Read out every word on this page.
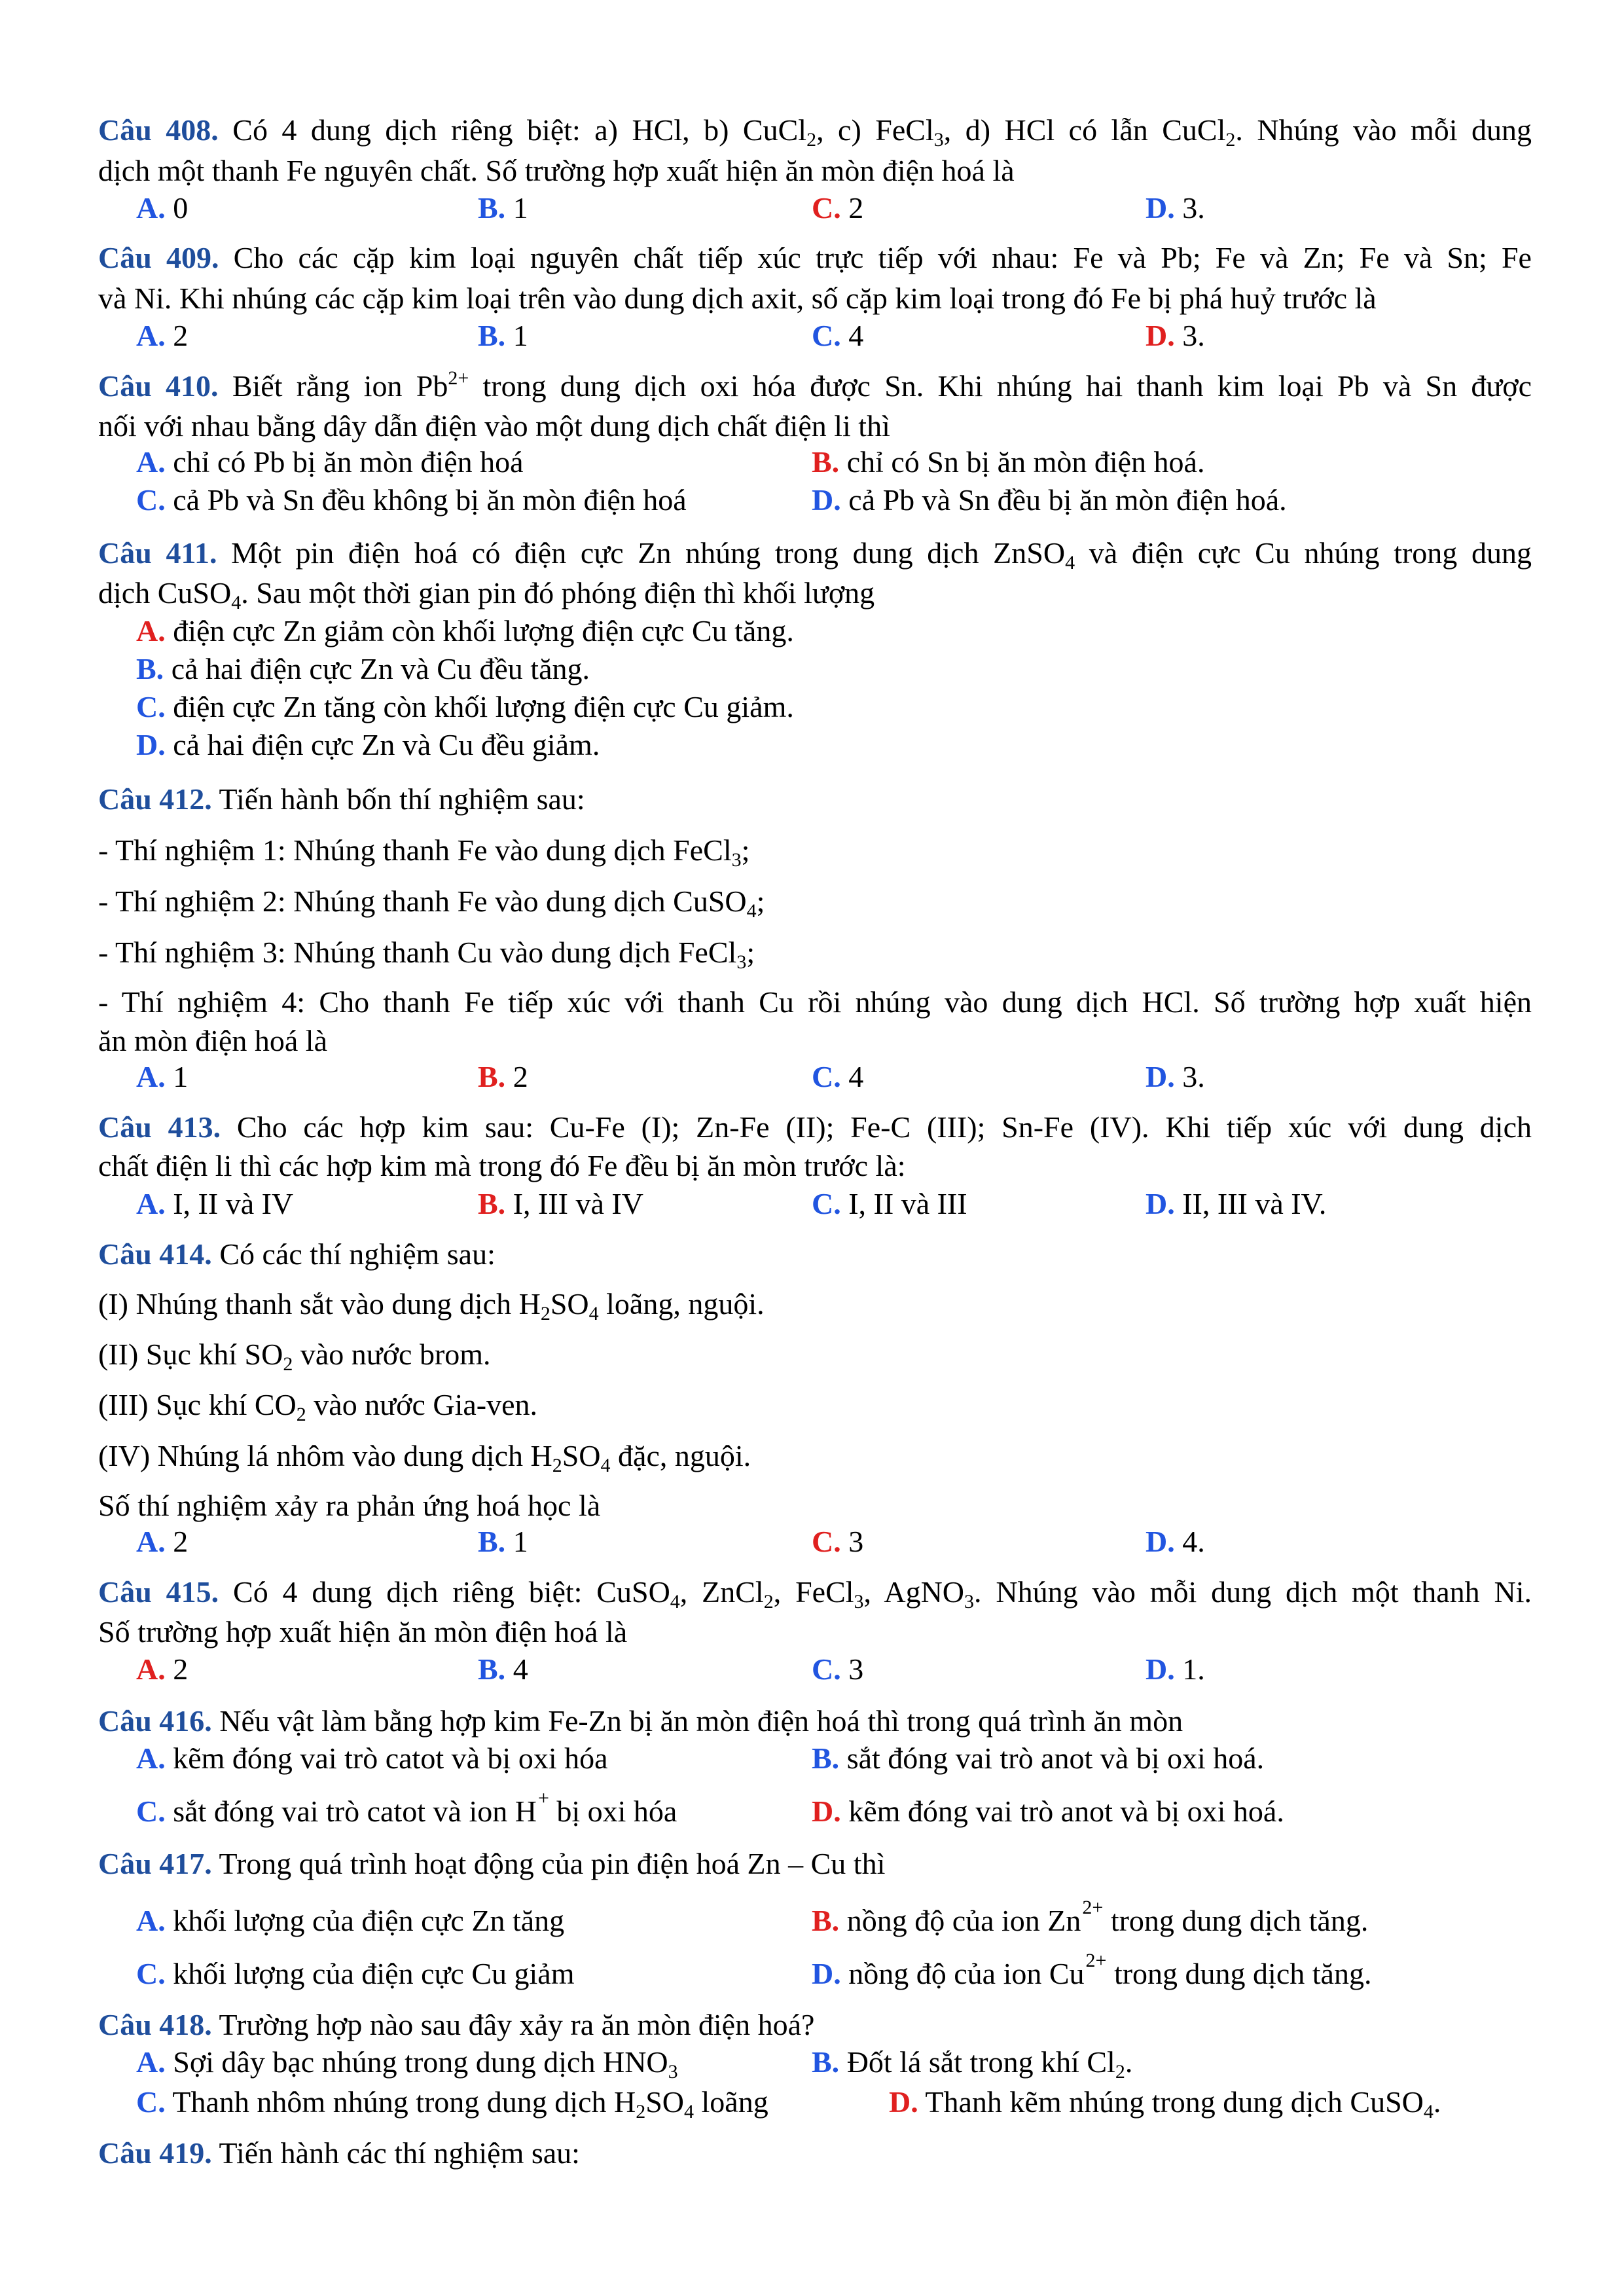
Câu 408. Có 4 dung dịch riêng biệt: a) HCl, b) CuCl$_2$, c) FeCl$_3$, d) HCl có lẫn CuCl$_2$. Nhúng vào mỗi dung
dịch một thanh Fe nguyên chất. Số trường hợp xuất hiện ăn mòn điện hoá là
A. 0	B. 1	C. 2	D. 3.
Câu 409. Cho các cặp kim loại nguyên chất tiếp xúc trực tiếp với nhau: Fe và Pb; Fe và Zn; Fe và Sn; Fe
và Ni. Khi nhúng các cặp kim loại trên vào dung dịch axit, số cặp kim loại trong đó Fe bị phá huỷ trước là
A. 2	B. 1	C. 4	D. 3.
Câu 410. Biết rằng ion $Pb^{2+}$ trong dung dịch oxi hóa được Sn. Khi nhúng hai thanh kim loại Pb và Sn được
nối với nhau bằng dây dẫn điện vào một dung dịch chất điện li thì
A. chỉ có Pb bị ăn mòn điện hoá	B. chỉ có Sn bị ăn mòn điện hoá.
C. cả Pb và Sn đều không bị ăn mòn điện hoá	D. cả Pb và Sn đều bị ăn mòn điện hoá.
Câu 411. Một pin điện hoá có điện cực Zn nhúng trong dung dịch ZnSO$_4$ và điện cực Cu nhúng trong dung
dịch CuSO$_4$. Sau một thời gian pin đó phóng điện thì khối lượng
A. điện cực Zn giảm còn khối lượng điện cực Cu tăng.
B. cả hai điện cực Zn và Cu đều tăng.
C. điện cực Zn tăng còn khối lượng điện cực Cu giảm.
D. cả hai điện cực Zn và Cu đều giảm.
Câu 412. Tiến hành bốn thí nghiệm sau:
- Thí nghiệm 1: Nhúng thanh Fe vào dung dịch FeCl$_3$;
- Thí nghiệm 2: Nhúng thanh Fe vào dung dịch CuSO$_4$;
- Thí nghiệm 3: Nhúng thanh Cu vào dung dịch FeCl$_3$;
- Thí nghiệm 4: Cho thanh Fe tiếp xúc với thanh Cu rồi nhúng vào dung dịch HCl. Số trường hợp xuất hiện
ăn mòn điện hoá là
A. 1	B. 2	C. 4	D. 3.
Câu 413. Cho các hợp kim sau: Cu-Fe (I); Zn-Fe (II); Fe-C (III); Sn-Fe (IV). Khi tiếp xúc với dung dịch
chất điện li thì các hợp kim mà trong đó Fe đều bị ăn mòn trước là:
A. I, II và IV	B. I, III và IV	C. I, II và III	D. II, III và IV.
Câu 414. Có các thí nghiệm sau:
(I) Nhúng thanh sắt vào dung dịch $H_2SO_4$ loãng, nguội.
(II) Sục khí $SO_2$ vào nước brom.
(III) Sục khí $CO_2$ vào nước Gia-ven.
(IV) Nhúng lá nhôm vào dung dịch $H_2SO_4$ đặc, nguội.
Số thí nghiệm xảy ra phản ứng hoá học là
A. 2	B. 1	C. 3	D. 4.
Câu 415. Có 4 dung dịch riêng biệt: CuSO$_4$, ZnCl$_2$, FeCl$_3$, AgNO$_3$. Nhúng vào mỗi dung dịch một thanh Ni.
Số trường hợp xuất hiện ăn mòn điện hoá là
A. 2	B. 4	C. 3	D. 1.
Câu 416. Nếu vật làm bằng hợp kim Fe-Zn bị ăn mòn điện hoá thì trong quá trình ăn mòn
A. kẽm đóng vai trò catot và bị oxi hóa	B. sắt đóng vai trò anot và bị oxi hoá.
C. sắt đóng vai trò catot và ion H+ bị oxi hóa	D. kẽm đóng vai trò anot và bị oxi hoá.
Câu 417. Trong quá trình hoạt động của pin điện hoá Zn – Cu thì
A. khối lượng của điện cực Zn tăng	B. nồng độ của ion $Zn^{2+}$ trong dung dịch tăng.
C. khối lượng của điện cực Cu giảm	D. nồng độ của ion $Cu^{2+}$ trong dung dịch tăng.
Câu 418. Trường hợp nào sau đây xảy ra ăn mòn điện hoá?
A. Sợi dây bạc nhúng trong dung dịch $HNO_3$	B. Đốt lá sắt trong khí $Cl_2$.
C. Thanh nhôm nhúng trong dung dịch $H_2SO_4$ loãng	D. Thanh kẽm nhúng trong dung dịch CuSO$_4$.
Câu 419. Tiến hành các thí nghiệm sau:
